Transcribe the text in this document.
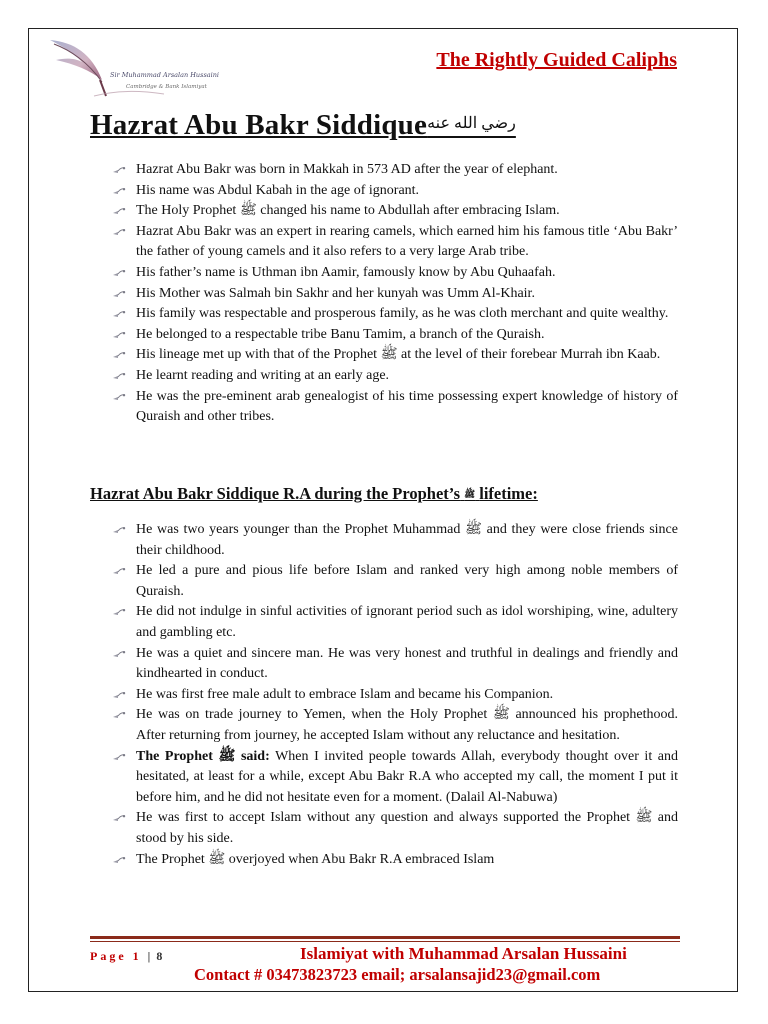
Sir Muhammad Arsalan Hussaini
Cambridge & Bank Islamiyat
The Rightly Guided Caliphs
Hazrat Abu Bakr Siddique$^{رضي الله عنه}$
Hazrat Abu Bakr was born in Makkah in 573 AD after the year of elephant.
His name was Abdul Kabah in the age of ignorant.
The Holy Prophet ﷺ changed his name to Abdullah after embracing Islam.
Hazrat Abu Bakr was an expert in rearing camels, which earned him his famous title ‘Abu Bakr’ the father of young camels and it also refers to a very large Arab tribe.
His father’s name is Uthman ibn Aamir, famously know by Abu Quhaafah.
His Mother was Salmah bin Sakhr and her kunyah was Umm Al-Khair.
His family was respectable and prosperous family, as he was cloth merchant and quite wealthy.
He belonged to a respectable tribe Banu Tamim, a branch of the Quraish.
His lineage met up with that of the Prophet ﷺ at the level of their forebear Murrah ibn Kaab.
He learnt reading and writing at an early age.
He was the pre-eminent arab genealogist of his time possessing expert knowledge of history of Quraish and other tribes.
Hazrat Abu Bakr Siddique R.A during the Prophet’s ﷺ lifetime:
He was two years younger than the Prophet Muhammad ﷺ and they were close friends since their childhood.
He led a pure and pious life before Islam and ranked very high among noble members of Quraish.
He did not indulge in sinful activities of ignorant period such as idol worshiping, wine, adultery and gambling etc.
He was a quiet and sincere man. He was very honest and truthful in dealings and friendly and kindhearted in conduct.
He was first free male adult to embrace Islam and became his Companion.
He was on trade journey to Yemen, when the Holy Prophet ﷺ announced his prophethood. After returning from journey, he accepted Islam without any reluctance and hesitation.
The Prophet ﷺ said: When I invited people towards Allah, everybody thought over it and hesitated, at least for a while, except Abu Bakr R.A who accepted my call, the moment I put it before him, and he did not hesitate even for a moment. (Dalail Al-Nabuwa)
He was first to accept Islam without any question and always supported the Prophet ﷺ and stood by his side.
The Prophet ﷺ overjoyed when Abu Bakr R.A embraced Islam
Page 1 | 8	Islamiyat with Muhammad Arsalan Hussaini
Contact # 03473823723 email; arsalansajid23@gmail.com
